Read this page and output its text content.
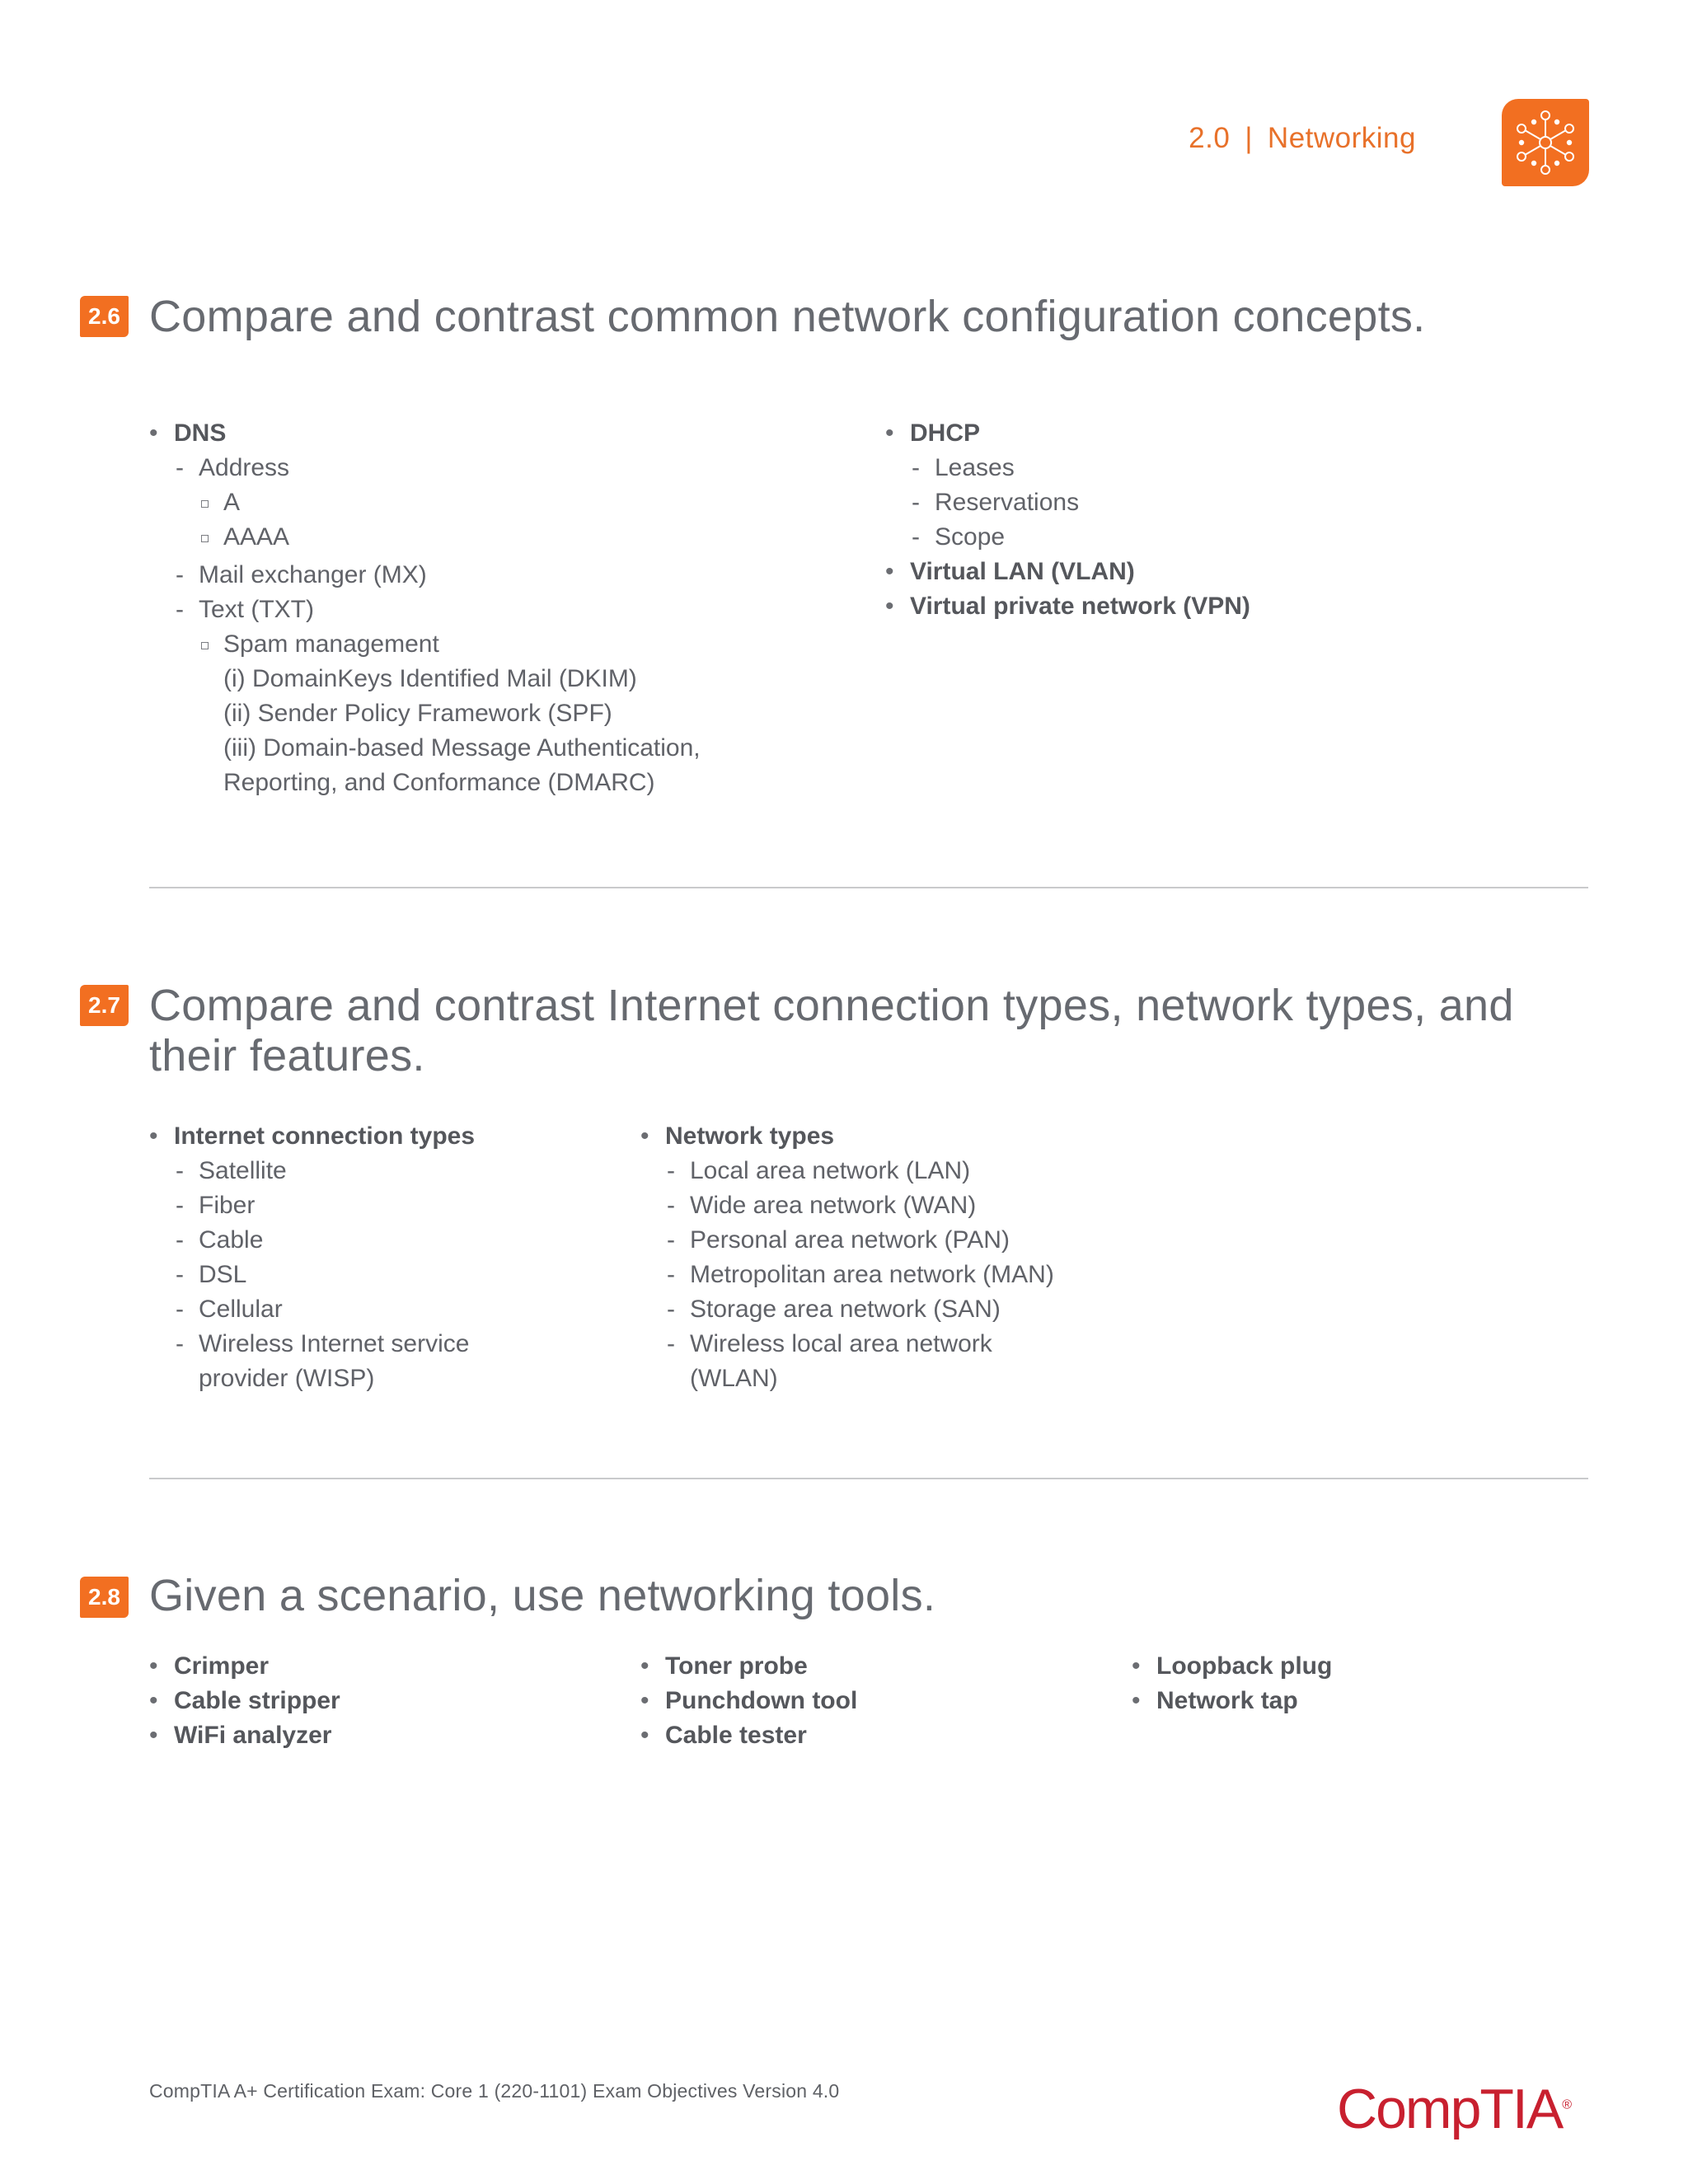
2.0 | Networking
2.6 Compare and contrast common network configuration concepts.
• DNS
- Address
A
AAAA
- Mail exchanger (MX)
- Text (TXT)
Spam management
(i) DomainKeys Identified Mail (DKIM)
(ii) Sender Policy Framework (SPF)
(iii) Domain-based Message Authentication,
Reporting, and Conformance (DMARC)
• DHCP
- Leases
- Reservations
- Scope
• Virtual LAN (VLAN)
• Virtual private network (VPN)
2.7 Compare and contrast Internet connection types, network types, and their features.
• Internet connection types
- Satellite
- Fiber
- Cable
- DSL
- Cellular
- Wireless Internet service
provider (WISP)
• Network types
- Local area network (LAN)
- Wide area network (WAN)
- Personal area network (PAN)
- Metropolitan area network (MAN)
- Storage area network (SAN)
- Wireless local area network
(WLAN)
2.8 Given a scenario, use networking tools.
• Crimper
• Cable stripper
• WiFi analyzer
• Toner probe
• Punchdown tool
• Cable tester
• Loopback plug
• Network tap
CompTIA A+ Certification Exam: Core 1 (220-1101) Exam Objectives Version 4.0	CompTIA®
